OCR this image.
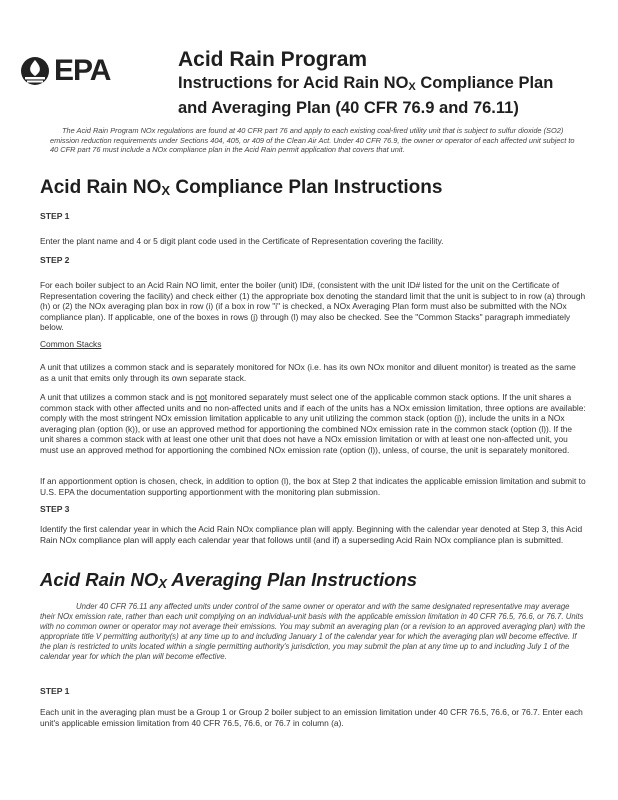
EPA	Acid Rain Program
Instructions for Acid Rain NOX Compliance Plan
and Averaging Plan (40 CFR 76.9 and 76.11)
The Acid Rain Program NOx regulations are found at 40 CFR part 76 and apply to each existing coal-fired utility unit that is subject to sulfur dioxide (SO2) emission reduction requirements under Sections 404, 405, or 409 of the Clean Air Act. Under 40 CFR 76.9, the owner or operator of each affected unit subject to 40 CFR part 76 must include a NOx compliance plan in the Acid Rain permit application that covers that unit.
Acid Rain NOX Compliance Plan Instructions
STEP 1
Enter the plant name and 4 or 5 digit plant code used in the Certificate of Representation covering the facility.
STEP 2
For each boiler subject to an Acid Rain NO limit, enter the boiler (unit) ID#, (consistent with the unit ID# listed for the unit on the Certificate of Representation covering the facility) and check either (1) the appropriate box denoting the standard limit that the unit is subject to in row (a) through (h) or (2) the NOx averaging plan box in row (i) (if a box in row "i" is checked, a NOx Averaging Plan form must also be submitted with the NOx compliance plan). If applicable, one of the boxes in rows (j) through (l) may also be checked. See the "Common Stacks" paragraph immediately below.
Common Stacks
A unit that utilizes a common stack and is separately monitored for NOx (i.e. has its own NOx monitor and diluent monitor) is treated as the same as a unit that emits only through its own separate stack.
A unit that utilizes a common stack and is not monitored separately must select one of the applicable common stack options. If the unit shares a common stack with other affected units and no non-affected units and if each of the units has a NOx emission limitation, three options are available: comply with the most stringent NOx emission limitation applicable to any unit utilizing the common stack (option (j)), include the units in a NOx averaging plan (option (k)), or use an approved method for apportioning the combined NOx emission rate in the common stack (option (l)). If the unit shares a common stack with at least one other unit that does not have a NOx emission limitation or with at least one non-affected unit, you must use an approved method for apportioning the combined NOx emission rate (option (l)), unless, of course, the unit is separately monitored.
If an apportionment option is chosen, check, in addition to option (l), the box at Step 2 that indicates the applicable emission limitation and submit to U.S. EPA the documentation supporting apportionment with the monitoring plan submission.
STEP 3
Identify the first calendar year in which the Acid Rain NOx compliance plan will apply. Beginning with the calendar year denoted at Step 3, this Acid Rain NOx compliance plan will apply each calendar year that follows until (and if) a superseding Acid Rain NOx compliance plan is submitted.
Acid Rain NOX Averaging Plan Instructions
Under 40 CFR 76.11 any affected units under control of the same owner or operator and with the same designated representative may average their NOx emission rate, rather than each unit complying on an individual-unit basis with the applicable emission limitation in 40 CFR 76.5, 76.6, or 76.7. Units with no common owner or operator may not average their emissions. You may submit an averaging plan (or a revision to an approved averaging plan) with the appropriate title V permitting authority(s) at any time up to and including January 1 of the calendar year for which the averaging plan will become effective. If the plan is restricted to units located within a single permitting authority's jurisdiction, you may submit the plan at any time up to and including July 1 of the calendar year for which the plan will become effective.
STEP 1
Each unit in the averaging plan must be a Group 1 or Group 2 boiler subject to an emission limitation under 40 CFR 76.5, 76.6, or 76.7. Enter each unit's applicable emission limitation from 40 CFR 76.5, 76.6, or 76.7 in column (a).
